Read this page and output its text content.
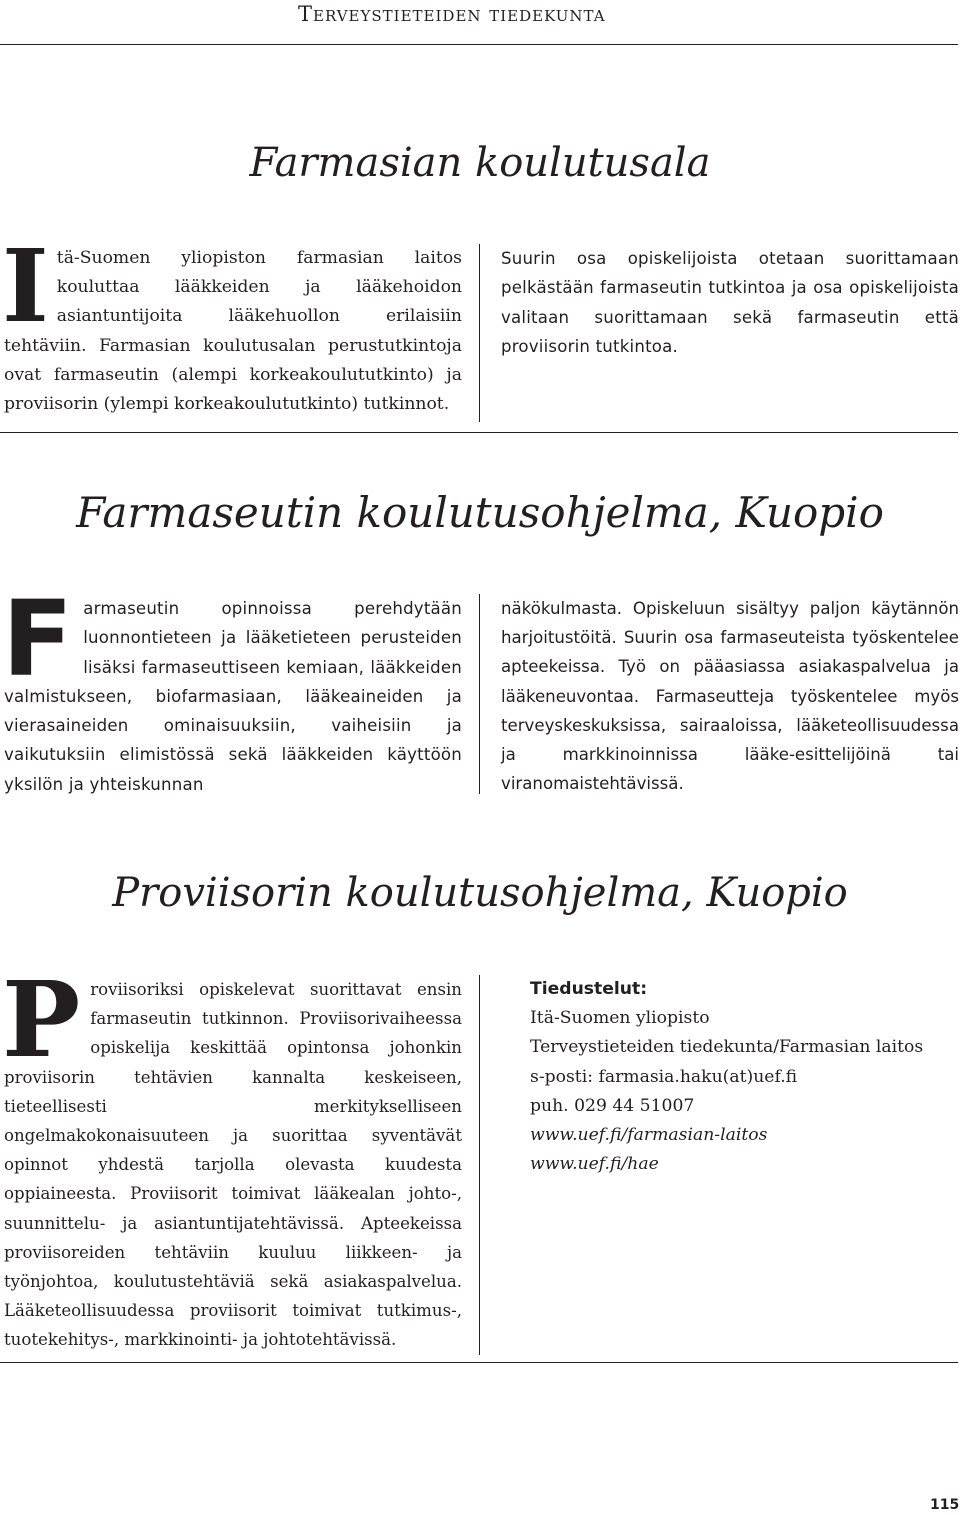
Terveystieteiden tiedekunta
Farmasian koulutusala
I tä-Suomen yliopiston farmasian laitos kouluttaa lääkkeiden ja lääkehoidon asiantuntijoita lääkehuollon erilaisiin tehtäviin. Farmasian koulutusalan perustutkintoja ovat farmaseutin (alempi korkeakoulututkinto) ja proviisorin (ylempi korkeakoulututkinto) tutkinnot.
Suurin osa opiskelijoista otetaan suorittamaan pelkästään farmaseutin tutkintoa ja osa opiskelijoista valitaan suorittamaan sekä farmaseutin että proviisorin tutkintoa.
Farmaseutin koulutusohjelma, Kuopio
F armaseutin opinnoissa perehdytään luonnontieteen ja lääketieteen perusteiden lisäksi farmaseuttiseen kemiaan, lääkkeiden valmistukseen, biofarmasiaan, lääkeaineiden ja vierasaineiden ominaisuuksiin, vaiheisiin ja vaikutuksiin elimistössä sekä lääkkeiden käyttöön yksilön ja yhteiskunnan
näkökulmasta. Opiskeluun sisältyy paljon käytännön harjoitustöitä. Suurin osa farmaseuteista työskentelee apteekeissa. Työ on pääasiassa asiakaspalvelua ja lääkeneuvontaa. Farmaseutteja työskentelee myös terveyskeskuksissa, sairaaloissa, lääketeollisuudessa ja markkinoinnissa lääke-esittelijöinä tai viranomaistehtävissä.
Proviisorin koulutusohjelma, Kuopio
P roviisoriksi opiskelevat suorittavat ensin farmaseutin tutkinnon. Proviisorivaiheessa opiskelija keskittää opintonsa johonkin proviisorin tehtävien kannalta keskeiseen, tieteellisesti merkitykselliseen ongelmakokonaisuuteen ja suorittaa syventävät opinnot yhdestä tarjolla olevasta kuudesta oppiaineesta. Proviisorit toimivat lääkealan johto-, suunnittelu- ja asiantuntijatehtävissä. Apteekeissa proviisoreiden tehtäviin kuuluu liikkeen- ja työnjohtoa, koulutustehtäviä sekä asiakaspalvelua. Lääketeollisuudessa proviisorit toimivat tutkimus-, tuotekehitys-, markkinointi- ja johtotehtävissä.
Tiedustelut:
Itä-Suomen yliopisto
Terveystieteiden tiedekunta/Farmasian laitos
s-posti: farmasia.haku(at)uef.fi
puh. 029 44 51007
www.uef.fi/farmasian-laitos
www.uef.fi/hae
115
